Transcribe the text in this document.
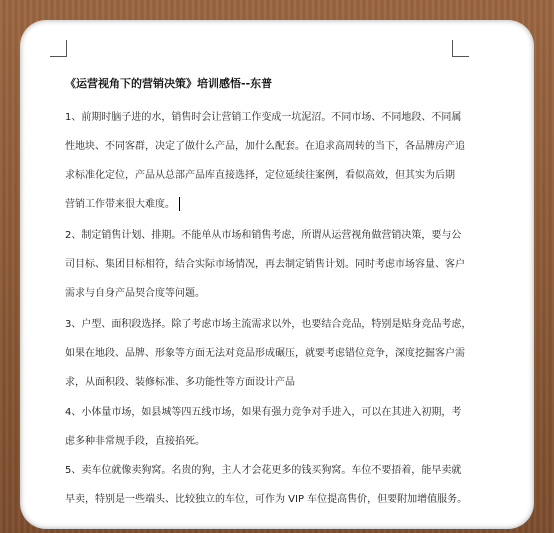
《运营视角下的营销决策》培训感悟--东普
1、前期时脑子进的水，销售时会让营销工作变成一坑泥沼。不同市场、不同地段、不同属
性地块、不同客群，决定了做什么产品，加什么配套。在追求高周转的当下，各品牌房产追
求标准化定位，产品从总部产品库直接选择，定位延续往案例，看似高效，但其实为后期
营销工作带来很大难度。
2、制定销售计划、排期。不能单从市场和销售考虑，所谓从运营视角做营销决策，要与公
司目标、集团目标相符，结合实际市场情况，再去制定销售计划。同时考虑市场容量、客户
需求与自身产品契合度等问题。
3、户型、面积段选择。除了考虑市场主流需求以外，也要结合竞品，特别是贴身竞品考虑，
如果在地段、品牌、形象等方面无法对竞品形成碾压，就要考虑错位竞争，深度挖掘客户需
求，从面积段、装修标准、多功能性等方面设计产品
4、小体量市场，如县城等四五线市场，如果有强力竞争对手进入，可以在其进入初期，考
虑多种非常规手段，直接掐死。
5、卖车位就像卖狗窝。名贵的狗，主人才会花更多的钱买狗窝。车位不要捂着，能早卖就
早卖，特别是一些端头、比较独立的车位，可作为 VIP 车位提高售价，但要附加增值服务。
